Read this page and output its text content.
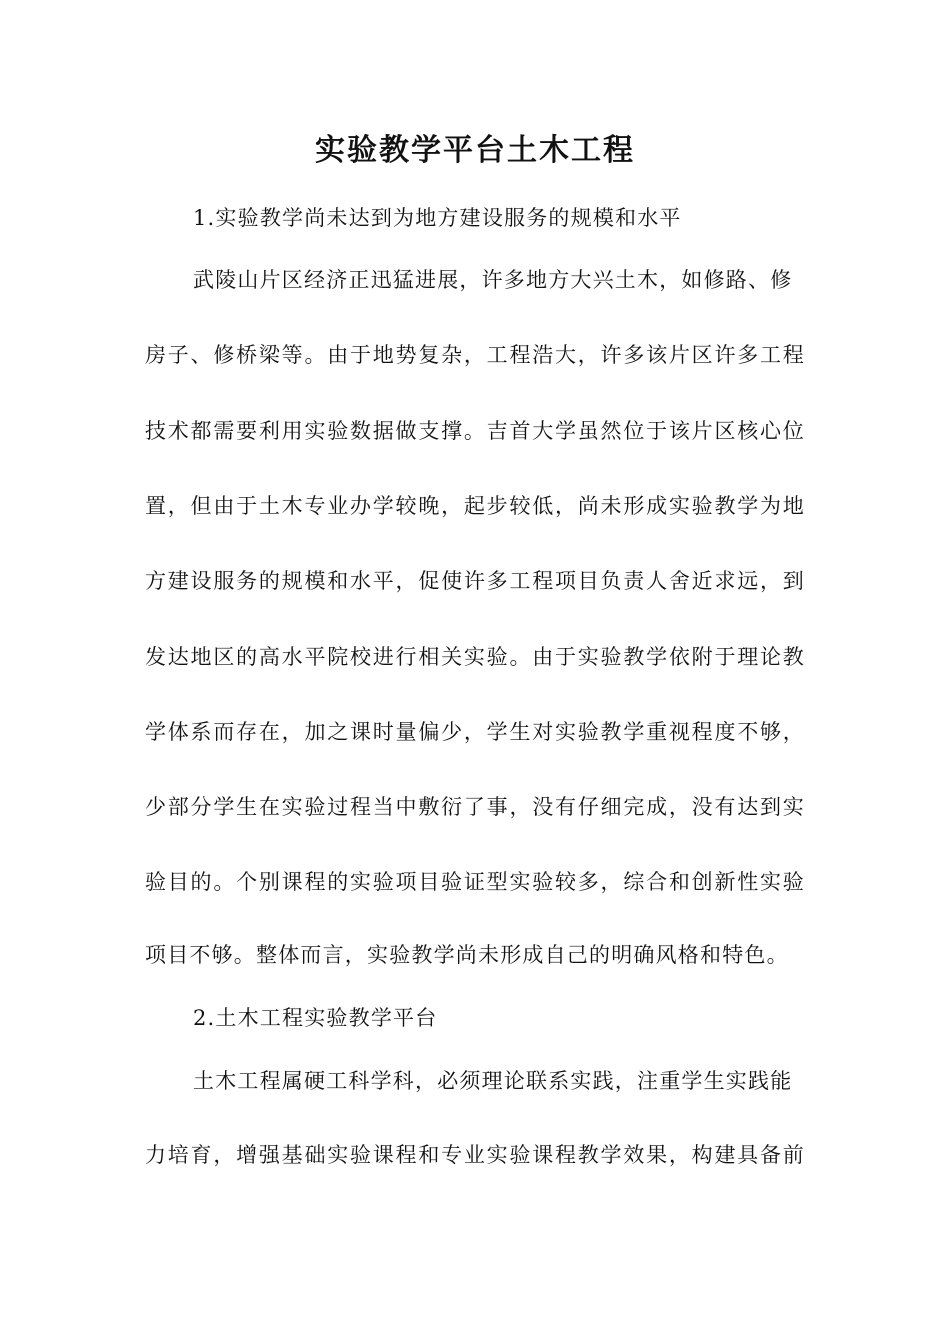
实验教学平台土木工程
1.实验教学尚未达到为地方建设服务的规模和水平
武陵山片区经济正迅猛进展，许多地方大兴土木，如修路、修
房子、修桥梁等。由于地势复杂，工程浩大，许多该片区许多工程
技术都需要利用实验数据做支撑。吉首大学虽然位于该片区核心位
置，但由于土木专业办学较晚，起步较低，尚未形成实验教学为地
方建设服务的规模和水平，促使许多工程项目负责人舍近求远，到
发达地区的高水平院校进行相关实验。由于实验教学依附于理论教
学体系而存在，加之课时量偏少，学生对实验教学重视程度不够，
少部分学生在实验过程当中敷衍了事，没有仔细完成，没有达到实
验目的。个别课程的实验项目验证型实验较多，综合和创新性实验
项目不够。整体而言，实验教学尚未形成自己的明确风格和特色。
2.土木工程实验教学平台
土木工程属硬工科学科，必须理论联系实践，注重学生实践能
力培育，增强基础实验课程和专业实验课程教学效果，构建具备前
